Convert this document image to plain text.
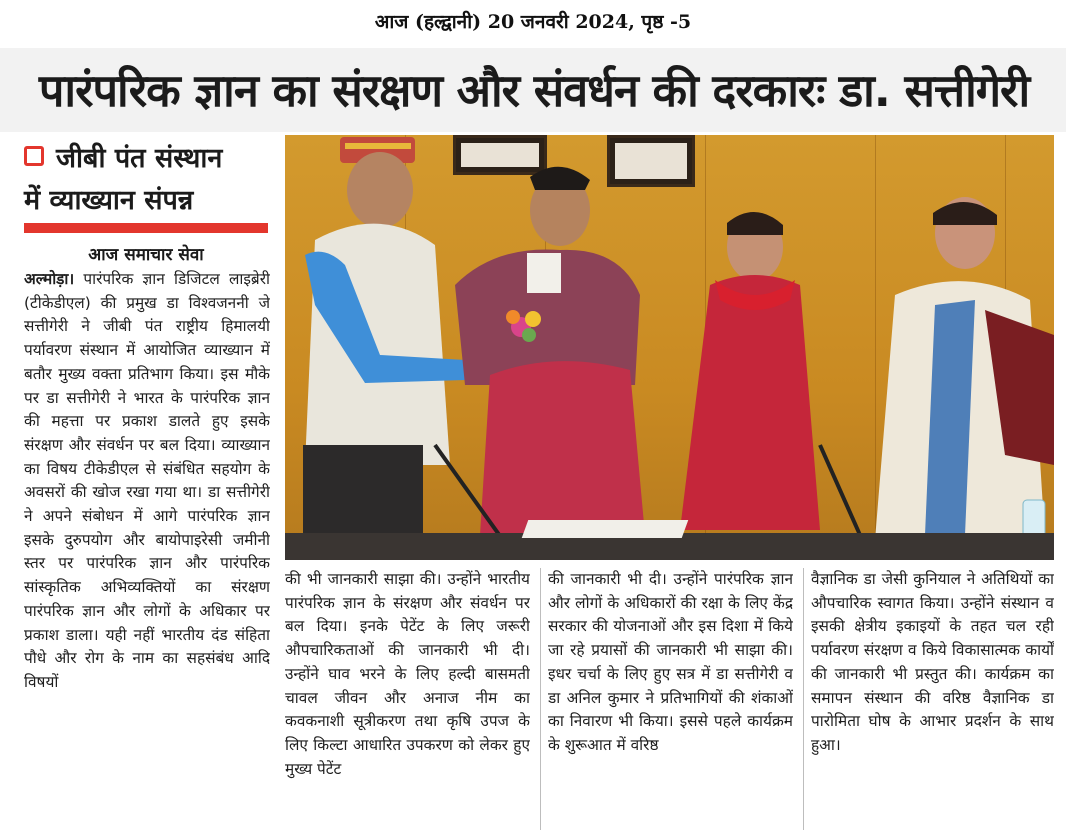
आज (हल्द्वानी) 20 जनवरी 2024, पृष्ठ -5
पारंपरिक ज्ञान का संरक्षण और संवर्धन की दरकारः डा. सत्तीगेरी
जीबी पंत संस्थान
में व्याख्यान संपन्न
आज समाचार सेवा
अल्मोड़ा। पारंपरिक ज्ञान डिजिटल लाइब्रेरी (टीकेडीएल) की प्रमुख डा विश्वजननी जे सत्तीगेरी ने जीबी पंत राष्ट्रीय हिमालयी पर्यावरण संस्थान में आयोजित व्याख्यान में बतौर मुख्य वक्ता प्रतिभाग किया। इस मौके पर डा सत्तीगेरी ने भारत के पारंपरिक ज्ञान की महत्ता पर प्रकाश डालते हुए इसके संरक्षण और संवर्धन पर बल दिया। व्याख्यान का विषय टीकेडीएल से संबंधित सहयोग के अवसरों की खोज रखा गया था। डा सत्तीगेरी ने अपने संबोधन में आगे पारंपरिक ज्ञान इसके दुरुपयोग और बायोपाइरेसी जमीनी स्तर पर पारंपरिक ज्ञान और पारंपरिक सांस्कृतिक अभिव्यक्तियों का संरक्षण पारंपरिक ज्ञान और लोगों के अधिकार पर प्रकाश डाला। यही नहीं भारतीय दंड संहिता पौधे और रोग के नाम का सहसंबंध आदि विषयों
की भी जानकारी साझा की। उन्होंने भारतीय पारंपरिक ज्ञान के संरक्षण और संवर्धन पर बल दिया। इनके पेटेंट के लिए जरूरी औपचारिकताओं की जानकारी भी दी। उन्होंने घाव भरने के लिए हल्दी बासमती चावल जीवन और अनाज नीम का कवकनाशी सूत्रीकरण तथा कृषि उपज के लिए किल्टा आधारित उपकरण को लेकर हुए मुख्य पेटेंट
की जानकारी भी दी। उन्होंने पारंपरिक ज्ञान और लोगों के अधिकारों की रक्षा के लिए केंद्र सरकार की योजनाओं और इस दिशा में किये जा रहे प्रयासों की जानकारी भी साझा की। इधर चर्चा के लिए हुए सत्र में डा सत्तीगेरी व डा अनिल कुमार ने प्रतिभागियों की शंकाओं का निवारण भी किया। इससे पहले कार्यक्रम के शुरूआत में वरिष्ठ
वैज्ञानिक डा जेसी कुनियाल ने अतिथियों का औपचारिक स्वागत किया। उन्होंने संस्थान व इसकी क्षेत्रीय इकाइयों के तहत चल रही पर्यावरण संरक्षण व किये विकासात्मक कार्यों की जानकारी भी प्रस्तुत की। कार्यक्रम का समापन संस्थान की वरिष्ठ वैज्ञानिक डा पारोमिता घोष के आभार प्रदर्शन के साथ हुआ।
